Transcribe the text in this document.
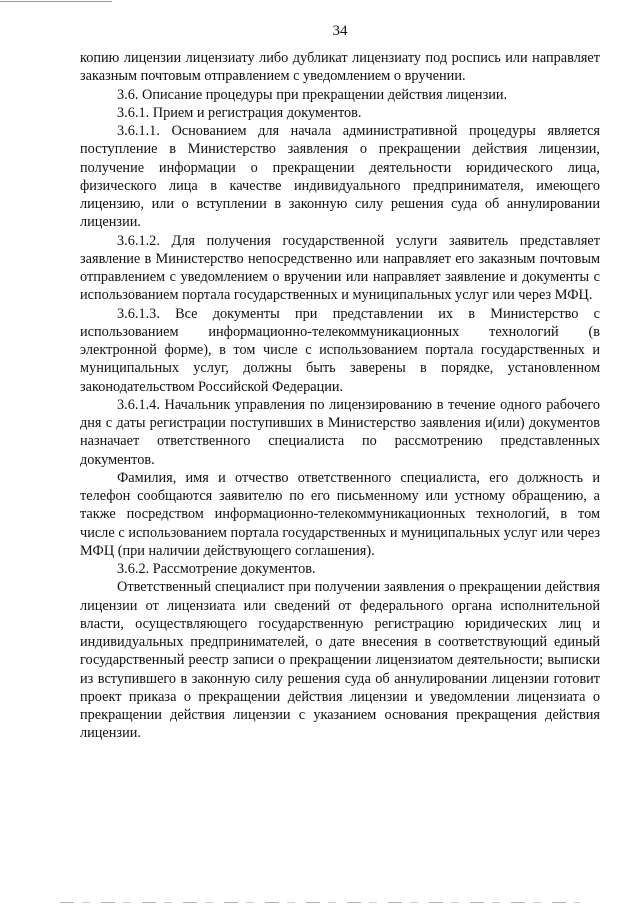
34

копию лицензии лицензиату либо дубликат лицензиату под роспись или направляет заказным почтовым отправлением с уведомлением о вручении.

3.6. Описание процедуры при прекращении действия лицензии.

3.6.1. Прием и регистрация документов.

3.6.1.1. Основанием для начала административной процедуры является поступление в Министерство заявления о прекращении действия лицензии, получение информации о прекращении деятельности юридического лица, физического лица в качестве индивидуального предпринимателя, имеющего лицензию, или о вступлении в законную силу решения суда об аннулировании лицензии.

3.6.1.2. Для получения государственной услуги заявитель представляет заявление в Министерство непосредственно или направляет его заказным почтовым отправлением с уведомлением о вручении или направляет заявление и документы с использованием портала государственных и муниципальных услуг или через МФЦ.

3.6.1.3. Все документы при представлении их в Министерство с использованием информационно-телекоммуникационных технологий (в электронной форме), в том числе с использованием портала государственных и муниципальных услуг, должны быть заверены в порядке, установленном законодательством Российской Федерации.

3.6.1.4. Начальник управления по лицензированию в течение одного рабочего дня с даты регистрации поступивших в Министерство заявления и(или) документов назначает ответственного специалиста по рассмотрению представленных документов.

Фамилия, имя и отчество ответственного специалиста, его должность и телефон сообщаются заявителю по его письменному или устному обращению, а также посредством информационно-телекоммуникационных технологий, в том числе с использованием портала государственных и муниципальных услуг или через МФЦ (при наличии действующего соглашения).

3.6.2. Рассмотрение документов.

Ответственный специалист при получении заявления о прекращении действия лицензии от лицензиата или сведений от федерального органа исполнительной власти, осуществляющего государственную регистрацию юридических лиц и индивидуальных предпринимателей, о дате внесения в соответствующий единый государственный реестр записи о прекращении лицензиатом деятельности; выписки из вступившего в законную силу решения суда об аннулировании лицензии готовит проект приказа о прекращении действия лицензии и уведомлении лицензиата о прекращении действия лицензии с указанием основания прекращения действия лицензии.
